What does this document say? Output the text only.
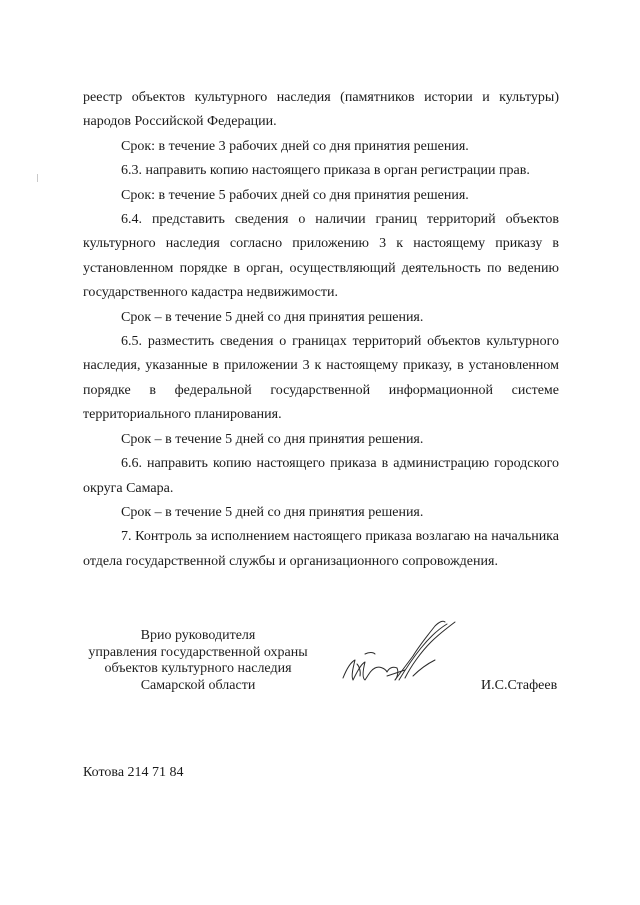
реестр объектов культурного наследия (памятников истории и культуры) народов Российской Федерации.

Срок: в течение 3 рабочих дней со дня принятия решения.

6.3. направить копию настоящего приказа в орган регистрации прав.

Срок: в течение 5 рабочих дней со дня принятия решения.

6.4. представить сведения о наличии границ территорий объектов культурного наследия согласно приложению 3 к настоящему приказу в установленном порядке в орган, осуществляющий деятельность по ведению государственного кадастра недвижимости.

Срок – в течение 5 дней со дня принятия решения.

6.5. разместить сведения о границах территорий объектов культурного наследия, указанные в приложении 3 к настоящему приказу, в установленном порядке в федеральной государственной информационной системе территориального планирования.

Срок – в течение 5 дней со дня принятия решения.

6.6. направить копию настоящего приказа в администрацию городского округа Самара.

Срок – в течение 5 дней со дня принятия решения.

7. Контроль за исполнением настоящего приказа возлагаю на начальника отдела государственной службы и организационного сопровождения.

Врио руководителя
управления государственной охраны
объектов культурного наследия
Самарской области	И.С.Стафеев
Котова 214 71 84
